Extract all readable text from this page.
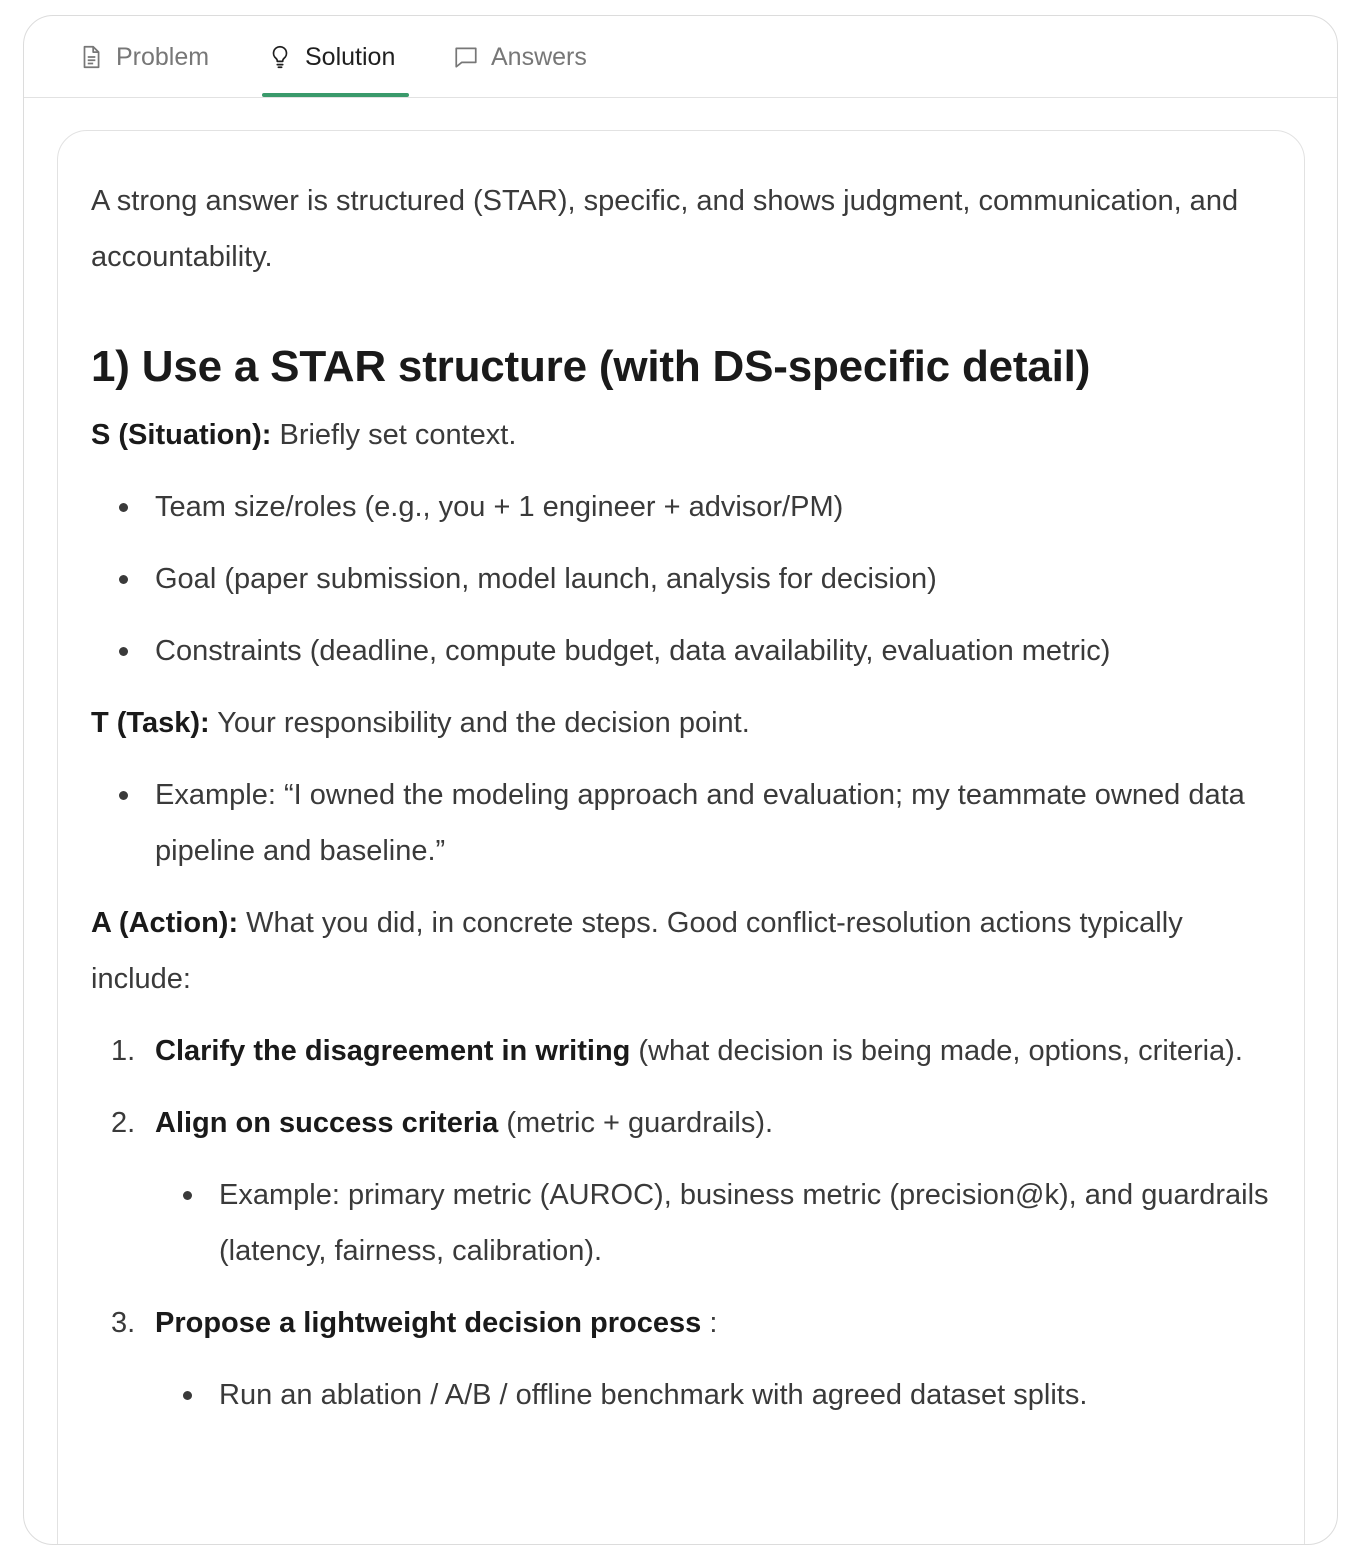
Problem	Solution	Answers

A strong answer is structured (STAR), specific, and shows judgment, communication, and accountability.

1) Use a STAR structure (with DS-specific detail)

S (Situation): Briefly set context.

Team size/roles (e.g., you + 1 engineer + advisor/PM)
Goal (paper submission, model launch, analysis for decision)
Constraints (deadline, compute budget, data availability, evaluation metric)

T (Task): Your responsibility and the decision point.

Example: “I owned the modeling approach and evaluation; my teammate owned data pipeline and baseline.”

A (Action): What you did, in concrete steps. Good conflict-resolution actions typically include:

1. Clarify the disagreement in writing (what decision is being made, options, criteria).
2. Align on success criteria (metric + guardrails).
Example: primary metric (AUROC), business metric (precision@k), and guardrails (latency, fairness, calibration).
3. Propose a lightweight decision process :
Run an ablation / A/B / offline benchmark with agreed dataset splits.
